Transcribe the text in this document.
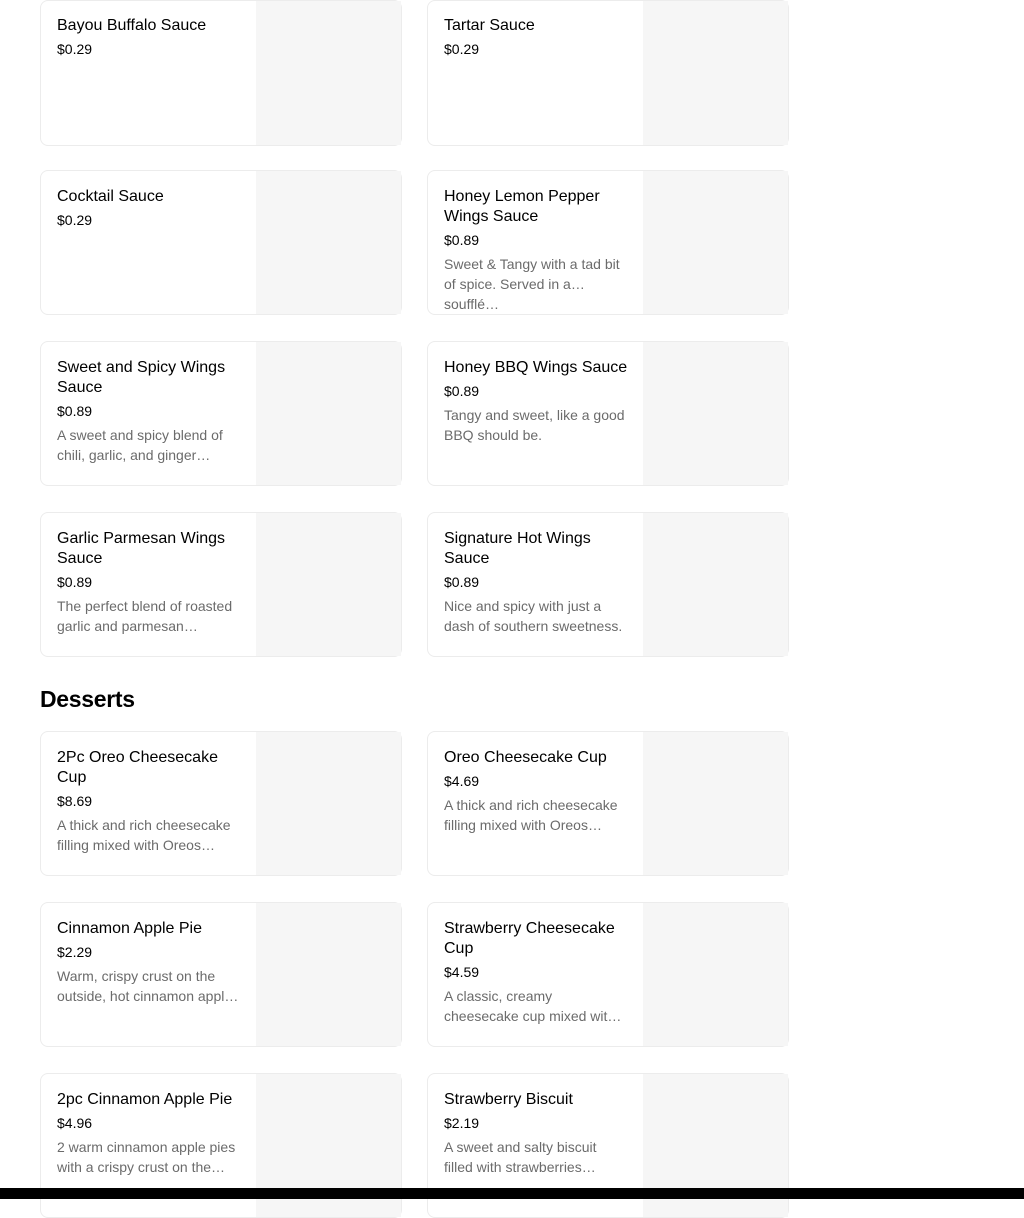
Bayou Buffalo Sauce
$0.29
Tartar Sauce
$0.29
Cocktail Sauce
$0.29
Honey Lemon Pepper Wings Sauce
$0.89
Sweet & Tangy with a tad bit of spice. Served in a soufflé…
Sweet and Spicy Wings Sauce
$0.89
A sweet and spicy blend of chili, garlic, and ginger…
Honey BBQ Wings Sauce
$0.89
Tangy and sweet, like a good BBQ should be.
Garlic Parmesan Wings Sauce
$0.89
The perfect blend of roasted garlic and parmesan…
Signature Hot Wings Sauce
$0.89
Nice and spicy with just a dash of southern sweetness.
Desserts
2Pc Oreo Cheesecake Cup
$8.69
A thick and rich cheesecake filling mixed with Oreos…
Oreo Cheesecake Cup
$4.69
A thick and rich cheesecake filling mixed with Oreos…
Cinnamon Apple Pie
$2.29
Warm, crispy crust on the outside, hot cinnamon appl…
Strawberry Cheesecake Cup
$4.59
A classic, creamy cheesecake cup mixed wit…
2pc Cinnamon Apple Pie
$4.96
2 warm cinnamon apple pies with a crispy crust on the…
Strawberry Biscuit
$2.19
A sweet and salty biscuit filled with strawberries…
